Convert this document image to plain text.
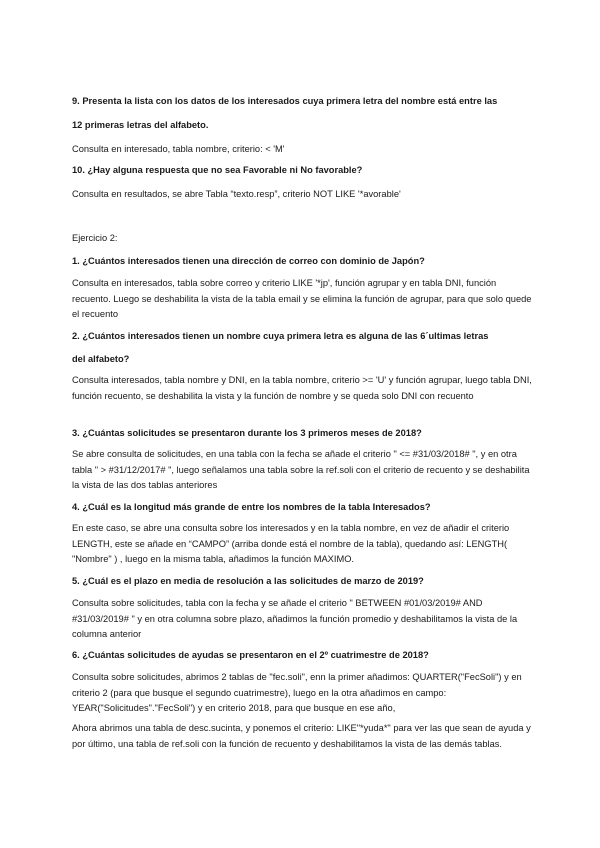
9. Presenta la lista con los datos de los interesados cuya primera letra del nombre está entre las
12 primeras letras del alfabeto.
Consulta en interesado, tabla nombre, criterio: < 'M'
10. ¿Hay alguna respuesta que no sea Favorable ni No favorable?
Consulta en resultados, se abre Tabla “texto.resp”, criterio NOT LIKE '*avorable'
Ejercicio 2:
1. ¿Cuántos interesados tienen una dirección de correo con dominio de Japón?
Consulta en interesados, tabla sobre correo y criterio LIKE '*jp', función agrupar y en tabla DNI, función recuento. Luego se deshabilita la vista de la tabla email y se elimina la función de agrupar, para que solo quede el recuento
2. ¿Cuántos interesados tienen un nombre cuya primera letra es alguna de las 6´ultimas letras
del alfabeto?
Consulta interesados, tabla nombre y DNI, en la tabla nombre, criterio >= 'U' y función agrupar, luego tabla DNI, función recuento, se deshabilita la vista y la función de nombre y se queda solo DNI con recuento
3. ¿Cuántas solicitudes se presentaron durante los 3 primeros meses de 2018?
Se abre consulta de solicitudes, en una tabla con la fecha se añade el criterio " <= #31/03/2018# ", y en otra tabla " > #31/12/2017# ", luego señalamos una tabla sobre la ref.soli con el criterio de recuento y se deshabilita la vista de las dos tablas anteriores
4. ¿Cuál es la longitud más grande de entre los nombres de la tabla Interesados?
En este caso, se abre una consulta sobre los interesados y en la tabla nombre, en vez de añadir el criterio LENGTH, este se añade en “CAMPO” (arriba donde está el nombre de la tabla), quedando así: LENGTH( "Nombre" ) , luego en la misma tabla, añadimos la función MAXIMO.
5. ¿Cuál es el plazo en media de resolución a las solicitudes de marzo de 2019?
Consulta sobre solicitudes, tabla con la fecha y se añade el criterio " BETWEEN #01/03/2019# AND #31/03/2019# " y en otra columna sobre plazo, añadimos la función promedio y deshabilitamos la vista de la columna anterior
6. ¿Cuántas solicitudes de ayudas se presentaron en el 2º cuatrimestre de 2018?
Consulta sobre solicitudes, abrimos 2 tablas de "fec.soli", enn la primer añadimos: QUARTER("FecSoli") y en criterio 2 (para que busque el segundo cuatrimestre), luego en la otra añadimos en campo: YEAR("Solicitudes"."FecSoli") y en criterio 2018, para que busque en ese año,
Ahora abrimos una tabla de desc.sucinta, y ponemos el criterio: LIKE"*yuda*" para ver las que sean de ayuda y por último, una tabla de ref.soli con la función de recuento y deshabilitamos la vista de las demás tablas.
